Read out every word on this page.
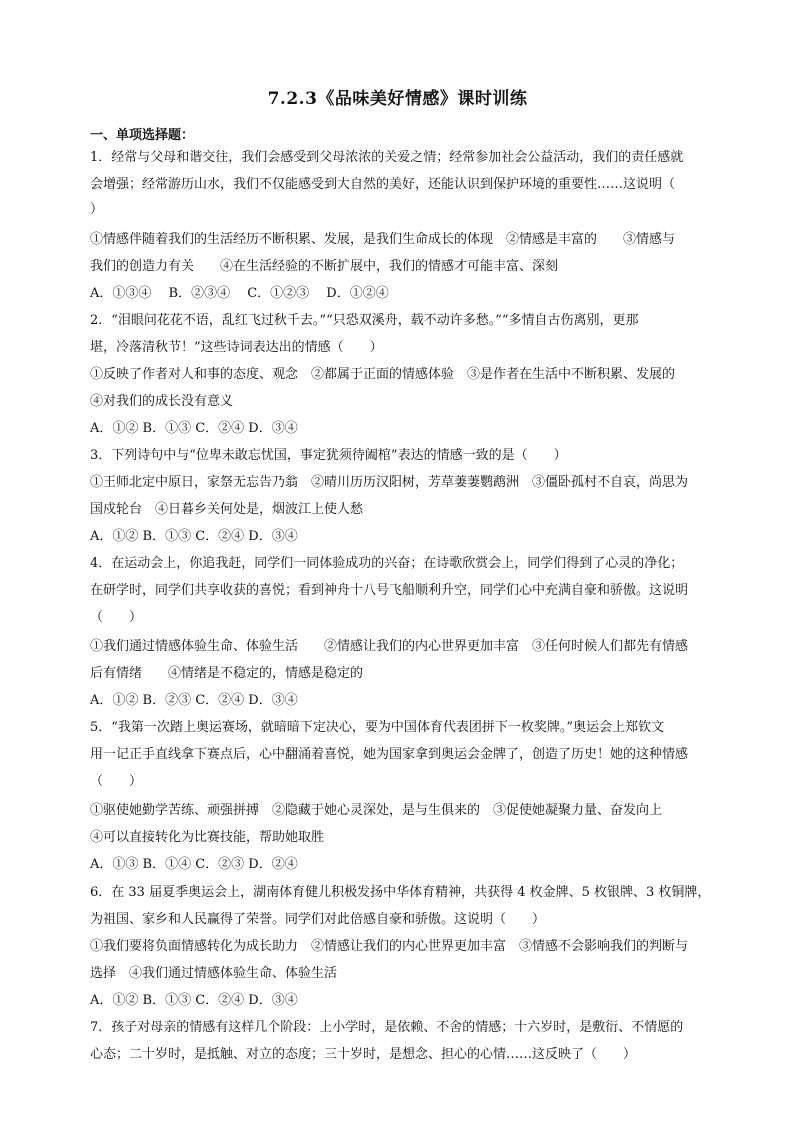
7.2.3《品味美好情感》课时训练
一、单项选择题：
1．经常与父母和谐交往，我们会感受到父母浓浓的关爱之情；经常参加社会公益活动，我们的责任感就
会增强；经常游历山水，我们不仅能感受到大自然的美好，还能认识到保护环境的重要性……这说明（
）
①情感伴随着我们的生活经历不断积累、发展，是我们生命成长的体现　②情感是丰富的　　③情感与
我们的创造力有关　　④在生活经验的不断扩展中，我们的情感才可能丰富、深刻
A．①③④　 B．②③④　 C．①②③　 D．①②④
2．“泪眼问花花不语，乱红飞过秋千去。”“只恐双溪舟，载不动许多愁。”“多情自古伤离别，更那
堪，冷落清秋节！”这些诗词表达出的情感（　　）
①反映了作者对人和事的态度、观念　②都属于正面的情感体验　③是作者在生活中不断积累、发展的
④对我们的成长没有意义
A．①② B．①③ C．②④ D．③④
3．下列诗句中与“位卑未敢忘忧国，事定犹须待阖棺”表达的情感一致的是（　　）
①王师北定中原日，家祭无忘告乃翁　②晴川历历汉阳树，芳草萋萋鹦鹉洲　③僵卧孤村不自哀，尚思为
国戍轮台　④日暮乡关何处是，烟波江上使人愁
A．①② B．①③ C．②④ D．③④
4．在运动会上，你追我赶，同学们一同体验成功的兴奋；在诗歌欣赏会上，同学们得到了心灵的净化；
在研学时，同学们共享收获的喜悦；看到神舟十八号飞船顺利升空，同学们心中充满自豪和骄傲。这说明
（　　）
①我们通过情感体验生命、体验生活　　②情感让我们的内心世界更加丰富　③任何时候人们都先有情感
后有情绪　　④情绪是不稳定的，情感是稳定的
A．①② B．②③ C．②④ D．③④
5．“我第一次踏上奥运赛场，就暗暗下定决心，要为中国体育代表团拼下一枚奖牌。”奥运会上郑钦文
用一记正手直线拿下赛点后，心中翻涌着喜悦，她为国家拿到奥运会金牌了，创造了历史！她的这种情感
（　　）
①驱使她勤学苦练、顽强拼搏　②隐藏于她心灵深处，是与生俱来的　③促使她凝聚力量、奋发向上
④可以直接转化为比赛技能，帮助她取胜
A．①③ B．①④ C．②③ D．②④
6．在 33 届夏季奥运会上，湖南体育健儿积极发扬中华体育精神，共获得 4 枚金牌、5 枚银牌、3 枚铜牌，
为祖国、家乡和人民赢得了荣誉。同学们对此倍感自豪和骄傲。这说明（　　）
①我们要将负面情感转化为成长助力　②情感让我们的内心世界更加丰富　③情感不会影响我们的判断与
选择　④我们通过情感体验生命、体验生活
A．①② B．①③ C．②④ D．③④
7．孩子对母亲的情感有这样几个阶段：上小学时，是依赖、不舍的情感；十六岁时，是敷衍、不情愿的
心态；二十岁时，是抵触、对立的态度；三十岁时，是想念、担心的心情……这反映了（　　）
